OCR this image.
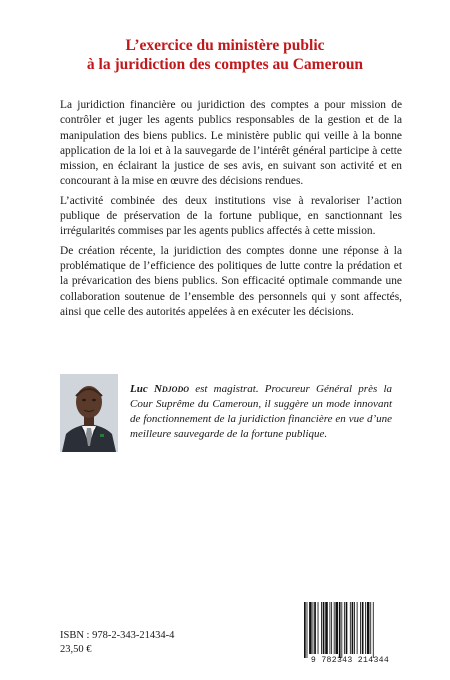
L’exercice du ministère public
à la juridiction des comptes au Cameroun

La juridiction financière ou juridiction des comptes a pour mission de contrôler et juger les agents publics responsables de la gestion et de la manipulation des biens publics. Le ministère public qui veille à la bonne application de la loi et à la sauvegarde de l’intérêt général participe à cette mission, en éclairant la justice de ses avis, en suivant son activité et en concourant à la mise en œuvre des décisions rendues.

L’activité combinée des deux institutions vise à revaloriser l’action publique de préservation de la fortune publique, en sanctionnant les irrégularités commises par les agents publics affectés à cette mission.

De création récente, la juridiction des comptes donne une réponse à la problématique de l’efficience des politiques de lutte contre la prédation et la prévarication des biens publics. Son efficacité optimale commande une collaboration soutenue de l’ensemble des personnels qui y sont affectés, ainsi que celle des autorités appelées à en exécuter les décisions.

Luc Ndjodo est magistrat. Procureur Général près la Cour Suprême du Cameroun, il suggère un mode innovant de fonctionnement de la juridiction financière en vue d’une meilleure sauvegarde de la fortune publique.
ISBN : 978-2-343-21434-4
23,50 €
9 782343 214344
